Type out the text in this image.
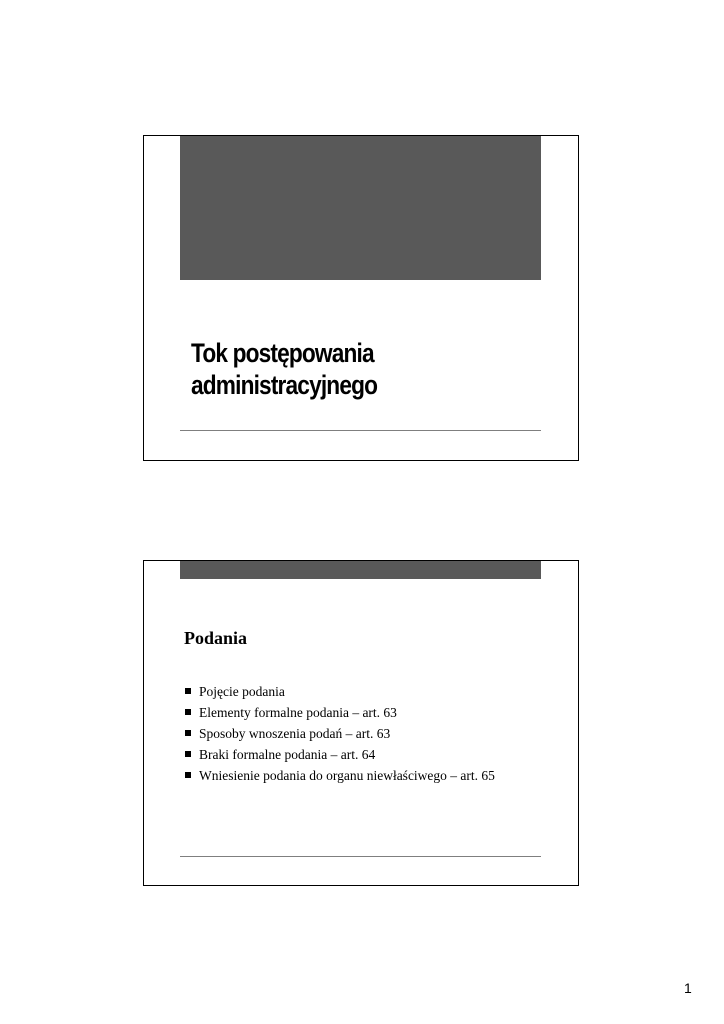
Tok postępowania
administracyjnego
Podania
Pojęcie podania
Elementy formalne podania – art. 63
Sposoby wnoszenia podań – art. 63
Braki formalne podania – art. 64
Wniesienie podania do organu niewłaściwego – art. 65
1
